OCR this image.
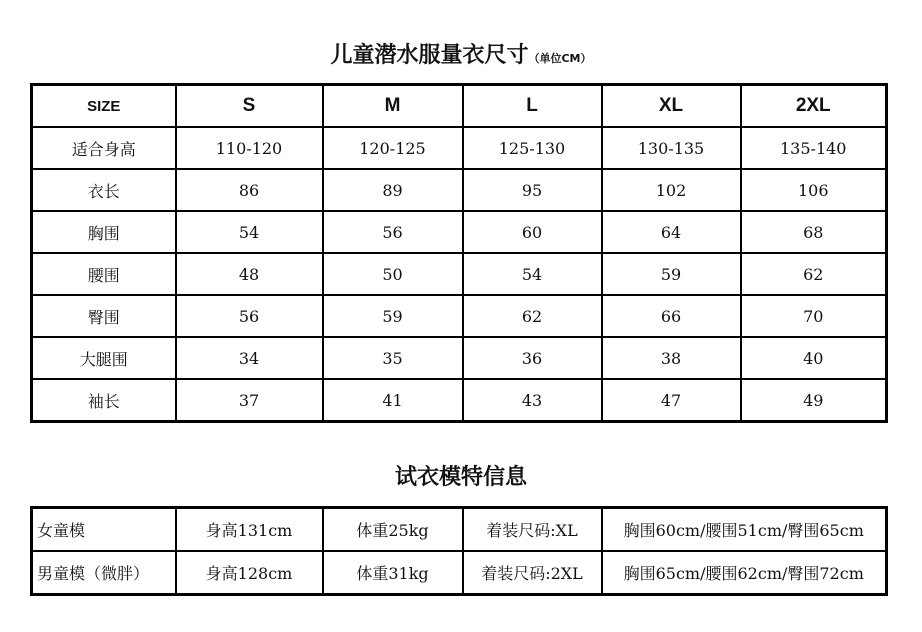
儿童潜水服量衣尺寸（单位CM）
SIZE	S	M	L	XL	2XL
适合身高	110-120	120-125	125-130	130-135	135-140
衣长	86	89	95	102	106
胸围	54	56	60	64	68
腰围	48	50	54	59	62
臀围	56	59	62	66	70
大腿围	34	35	36	38	40
袖长	37	41	43	47	49
试衣模特信息
女童模	身高131cm	体重25kg	着装尺码:XL	胸围60cm/腰围51cm/臀围65cm
男童模（微胖）	身高128cm	体重31kg	着装尺码:2XL	胸围65cm/腰围62cm/臀围72cm
